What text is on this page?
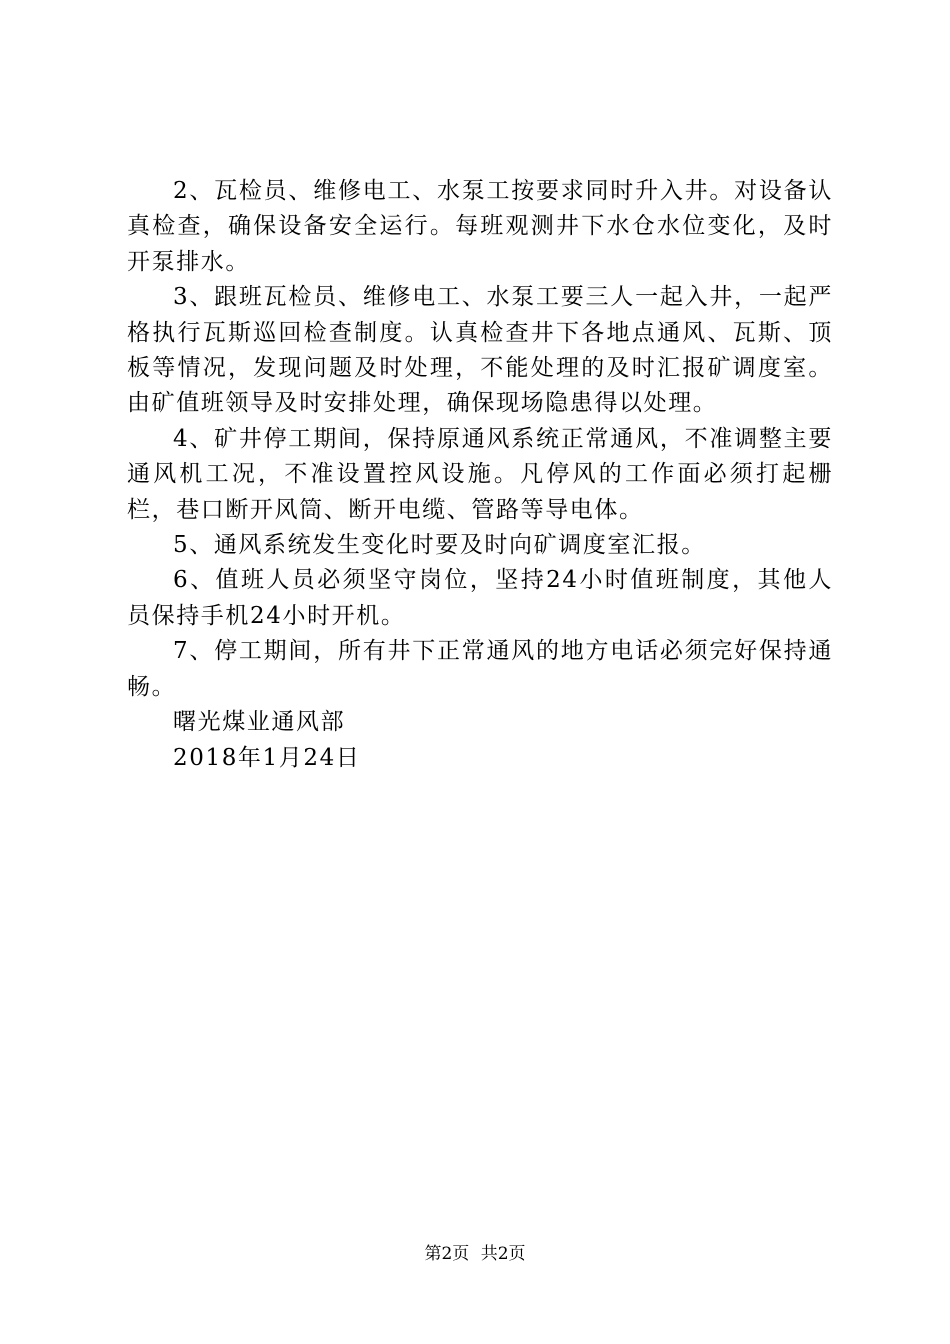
2、瓦检员、维修电工、水泵工按要求同时升入井。对设备认真检查，确保设备安全运行。每班观测井下水仓水位变化，及时开泵排水。

3、跟班瓦检员、维修电工、水泵工要三人一起入井，一起严格执行瓦斯巡回检查制度。认真检查井下各地点通风、瓦斯、顶板等情况，发现问题及时处理，不能处理的及时汇报矿调度室。由矿值班领导及时安排处理，确保现场隐患得以处理。

4、矿井停工期间，保持原通风系统正常通风，不准调整主要通风机工况，不准设置控风设施。凡停风的工作面必须打起栅栏，巷口断开风筒、断开电缆、管路等导电体。

5、通风系统发生变化时要及时向矿调度室汇报。

6、值班人员必须坚守岗位，坚持24小时值班制度，其他人员保持手机24小时开机。

7、停工期间，所有井下正常通风的地方电话必须完好保持通畅。

曙光煤业通风部

2018年1月24日

第2页 共2页
